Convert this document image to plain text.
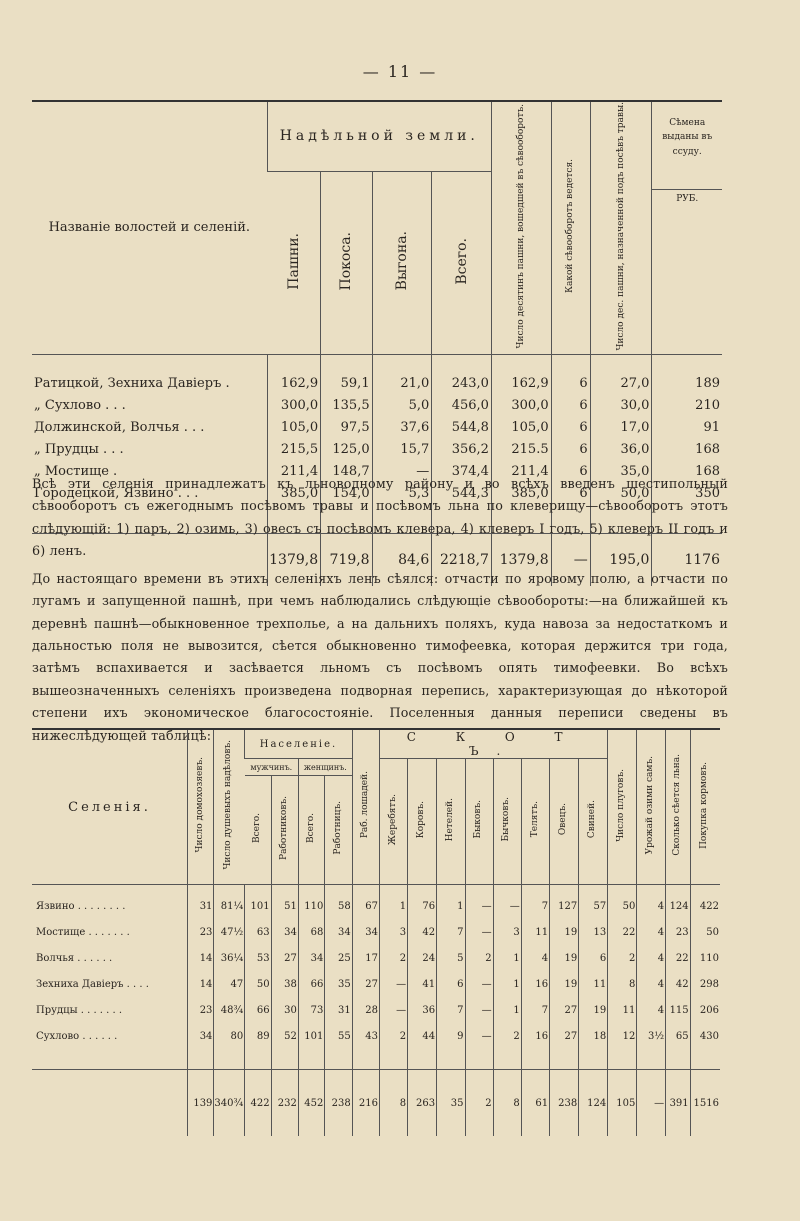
— 11 —
Названіе волостей и селеній.	Надѣльной земли.				Число десятинъ пашни, вошедшей въ сѣвооборотъ.	Какой сѣвооборотъ ведется.	Число дес. пашни, назначенной подъ посѣвъ травы.	Сѣмена выданы въ ссуду.
РУБ.

	Пашни.	Покоса.	Выгона.	Всего.				
Ратицкой, Зехниха Давіеръ .	162,9	59,1	21,0	243,0	162,9	6	27,0	189
„ Сухлово . . .	300,0	135,5	5,0	456,0	300,0	6	30,0	210
Должинской, Волчья . . .	105,0	97,5	37,6	544,8	105,0	6	17,0	91
„ Прудцы . . .	215,5	125,0	15,7	356,2	215.5	6	36,0	168
„ Мостище .	211,4	148,7	—	374,4	211,4	6	35,0	168
Городецкой, Язвино . . .	385,0	154,0	5,3	544,3	385,0	6	50,0	350

	1379,8	719,8	84,6	2218,7	1379,8	—	195,0	1176

Всѣ эти селенія принадлежатъ къ льноводному району и во всѣхъ введенъ шестипольный сѣвооборотъ съ ежегоднымъ посѣвомъ травы и посѣвомъ льна по клеверищу—сѣвооборотъ этотъ слѣдующій: 1) паръ, 2) озимь, 3) овесъ съ посѣвомъ клевера, 4) клеверъ I годъ, 5) клеверъ II годъ и 6) ленъ.

До настоящаго времени въ этихъ селеніяхъ ленъ сѣялся: отчасти по яровому полю, а отчасти по лугамъ и запущенной пашнѣ, при чемъ наблюдались слѣдующіе сѣвообороты:—на ближайшей къ деревнѣ пашнѣ—обыкновенное трехполье, а на дальнихъ поляхъ, куда навоза за недостаткомъ и дальностью поля не вывозится, сѣется обыкновенно тимофеевка, которая держится три года, затѣмъ вспахивается и засѣвается льномъ съ посѣвомъ опять тимофеевки. Во всѣхъ вышеозначенныхъ селеніяхъ произведена подворная перепись, характеризующая до нѣкоторой степени ихъ экономическое благосостояніе. Поселенныя данныя переписи сведены въ нижеслѣдующей таблицѣ:

Селенія.	Число домохозяевъ.	Число душевыхъ надѣловъ.	Населеніе.				Раб. лошадей.	С К О Т Ъ.								Число плуговъ.	Урожай озими самъ.	Сколько сѣется льна.	Покупка кормовъ.
			мужчинъ.		женщинъ.			Жеребятъ.	Коровъ.	Нетелей.	Быковъ.	Бычковъ.	Телятъ.	Овецъ.	Свиней.				
			Всего.	Работниковъ.	Всего.	Работницъ.													
Язвино . . . . . . . .	31	81¼	101	51	110	58	67	1	76	1	—	—	7	127	57	50	4	124	422
Мостище . . . . . . .	23	47½	63	34	68	34	34	3	42	7	—	3	11	19	13	22	4	23	50
Волчья . . . . . .	14	36¼	53	27	34	25	17	2	24	5	2	1	4	19	6	2	4	22	110
Зехниха Давіеръ . . . .	14	47	50	38	66	35	27	—	41	6	—	1	16	19	11	8	4	42	298
Прудцы . . . . . . .	23	48¾	66	30	73	31	28	—	36	7	—	1	7	27	19	11	4	115	206
Сухлово . . . . . .	34	80	89	52	101	55	43	2	44	9	—	2	16	27	18	12	3½	65	430

	139	340¾	422	232	452	238	216	8	263	35	2	8	61	238	124	105	—	391	1516
